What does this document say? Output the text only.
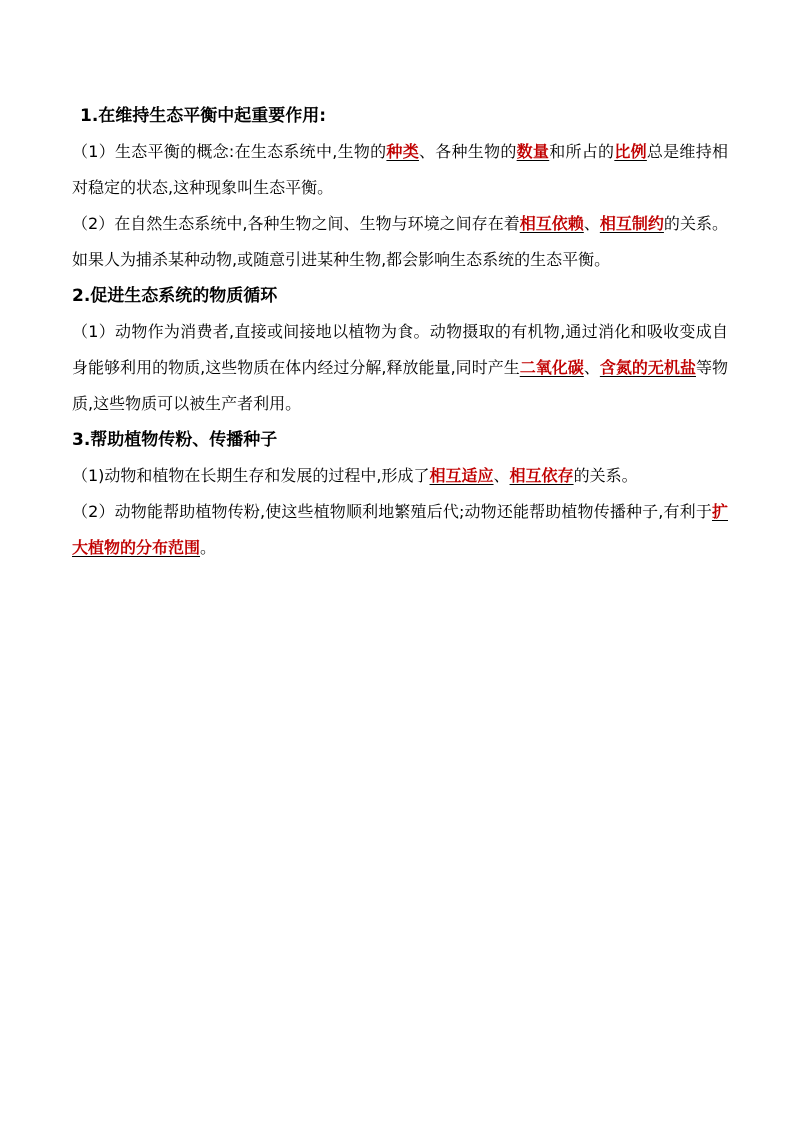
1.在维持生态平衡中起重要作用:

（1）生态平衡的概念:在生态系统中,生物的种类、各种生物的数量和所占的比例总是维持相对稳定的状态,这种现象叫生态平衡。

（2）在自然生态系统中,各种生物之间、生物与环境之间存在着相互依赖、相互制约的关系。如果人为捕杀某种动物,或随意引进某种生物,都会影响生态系统的生态平衡。

2.促进生态系统的物质循环

（1）动物作为消费者,直接或间接地以植物为食。动物摄取的有机物,通过消化和吸收变成自身能够利用的物质,这些物质在体内经过分解,释放能量,同时产生二氧化碳、含氮的无机盐等物质,这些物质可以被生产者利用。

3.帮助植物传粉、传播种子

（1)动物和植物在长期生存和发展的过程中,形成了相互适应、相互依存的关系。

（2）动物能帮助植物传粉,使这些植物顺利地繁殖后代;动物还能帮助植物传播种子,有利于扩大植物的分布范围。
